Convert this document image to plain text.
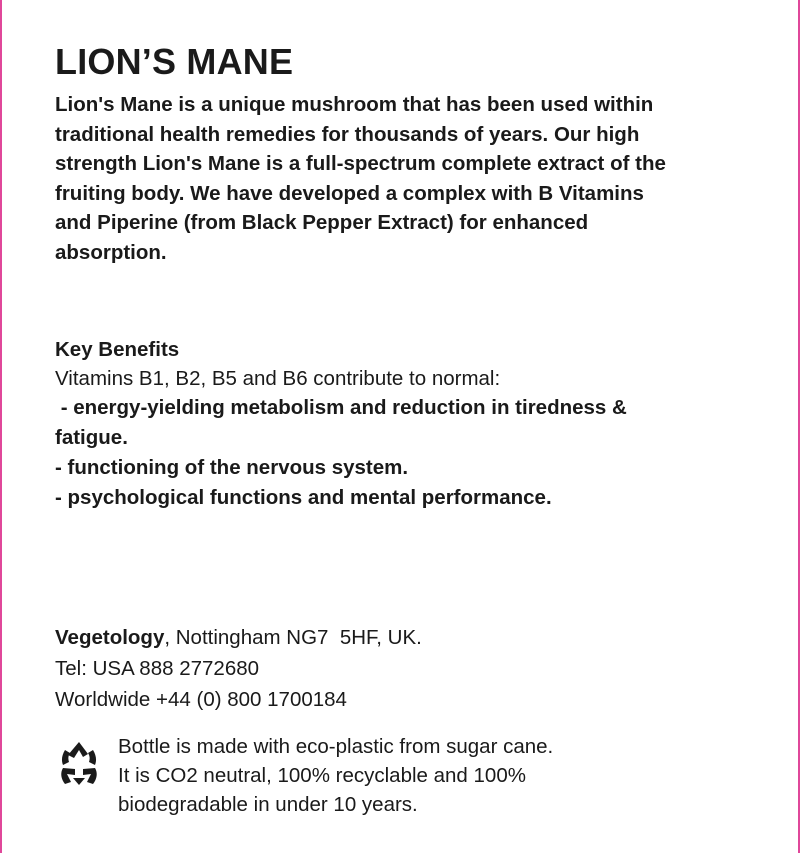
LION’S MANE
Lion's Mane is a unique mushroom that has been used within
traditional health remedies for thousands of years. Our high
strength Lion's Mane is a full-spectrum complete extract of the
fruiting body. We have developed a complex with B Vitamins
and Piperine (from Black Pepper Extract) for enhanced
absorption.
Key Benefits
Vitamins B1, B2, B5 and B6 contribute to normal:
- energy-yielding metabolism and reduction in tiredness &
fatigue.
- functioning of the nervous system.
- psychological functions and mental performance.
Vegetology, Nottingham NG7  5HF, UK.
Tel: USA 888 2772680
Worldwide +44 (0) 800 1700184
Bottle is made with eco-plastic from sugar cane.
It is CO2 neutral, 100% recyclable and 100%
biodegradable in under 10 years.
